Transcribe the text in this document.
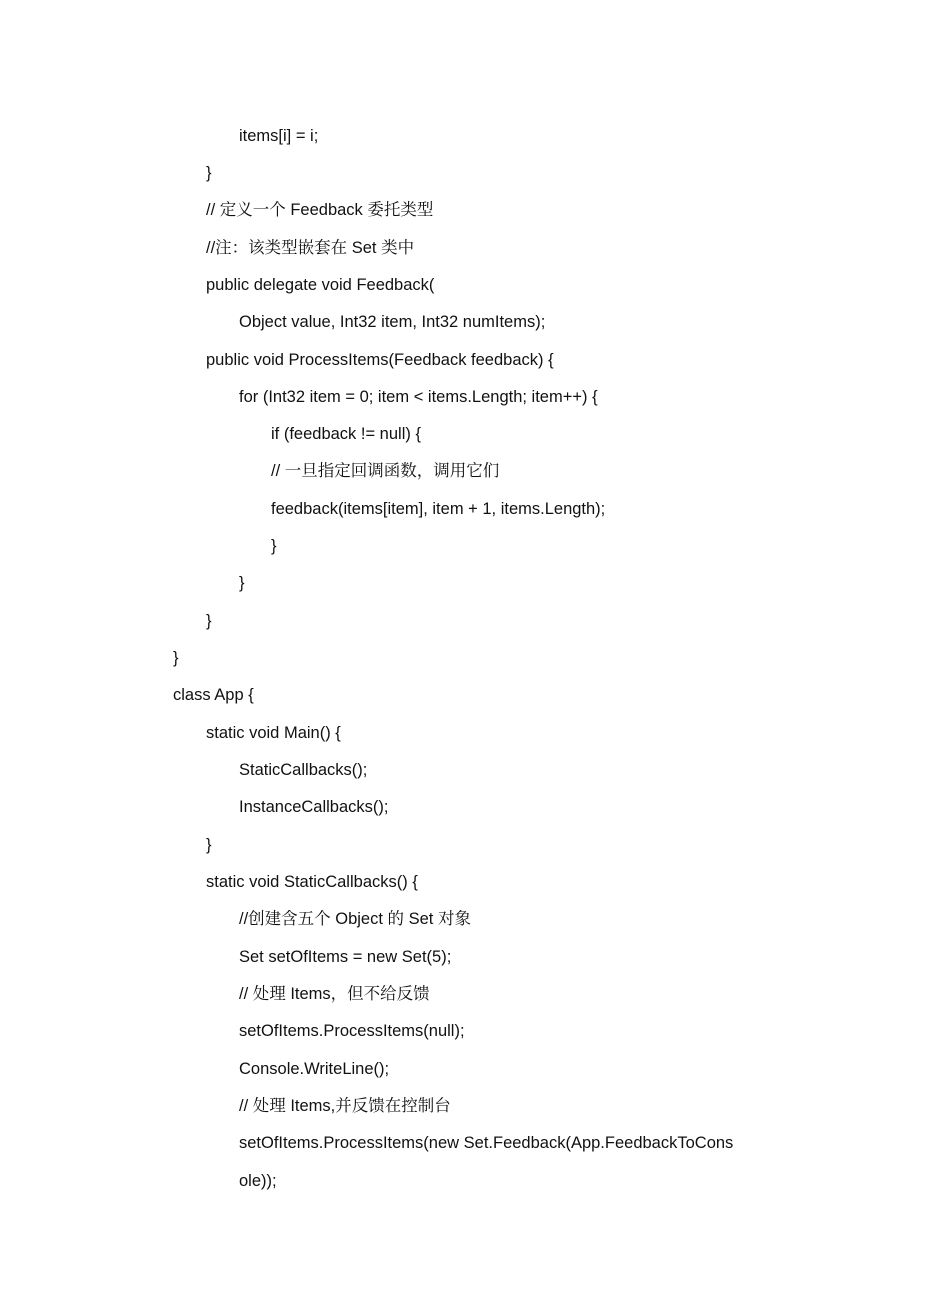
items[i] = i;
}
// 定义一个 Feedback 委托类型
//注：该类型嵌套在 Set 类中
public delegate void Feedback(
Object value, Int32 item, Int32 numItems);
public void ProcessItems(Feedback feedback) {
for (Int32 item = 0; item < items.Length; item++) {
if (feedback != null) {
// 一旦指定回调函数，调用它们
feedback(items[item], item + 1, items.Length);
}
}
}
}
class App {
static void Main() {
StaticCallbacks();
InstanceCallbacks();
}
static void StaticCallbacks() {
//创建含五个 Object 的 Set 对象
Set setOfItems = new Set(5);
// 处理 Items，但不给反馈
setOfItems.ProcessItems(null);
Console.WriteLine();
// 处理 Items,并反馈在控制台
setOfItems.ProcessItems(new Set.Feedback(App.FeedbackToCons
ole));
